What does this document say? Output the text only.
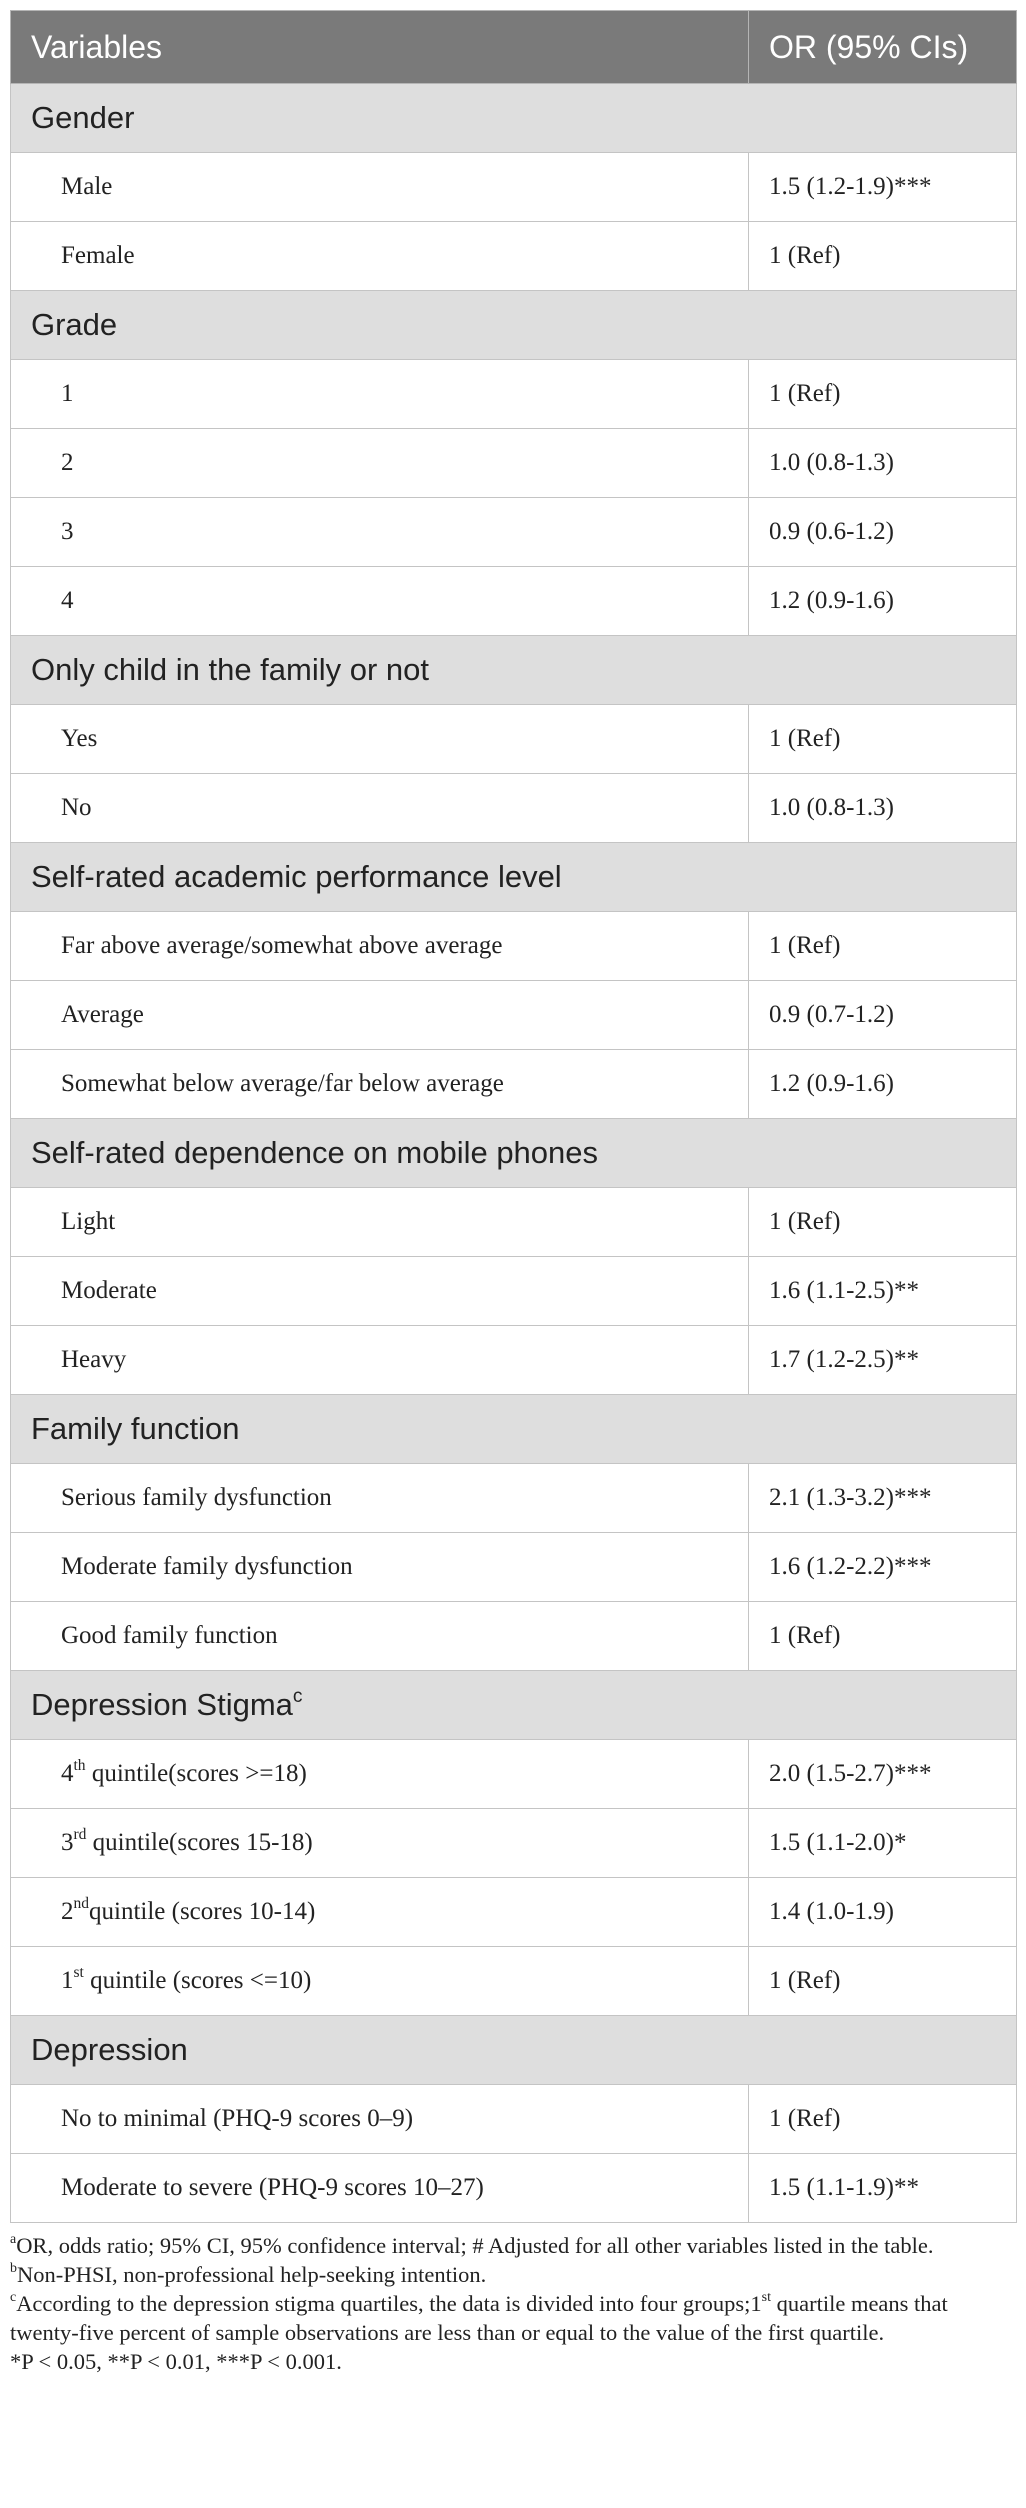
Variables	OR (95% CIs)
Gender	
Male	1.5 (1.2-1.9)***
Female	1 (Ref)
Grade	
1	1 (Ref)
2	1.0 (0.8-1.3)
3	0.9 (0.6-1.2)
4	1.2 (0.9-1.6)
Only child in the family or not	
Yes	1 (Ref)
No	1.0 (0.8-1.3)
Self-rated academic performance level	
Far above average/somewhat above average	1 (Ref)
Average	0.9 (0.7-1.2)
Somewhat below average/far below average	1.2 (0.9-1.6)
Self-rated dependence on mobile phones	
Light	1 (Ref)
Moderate	1.6 (1.1-2.5)**
Heavy	1.7 (1.2-2.5)**
Family function	
Serious family dysfunction	2.1 (1.3-3.2)***
Moderate family dysfunction	1.6 (1.2-2.2)***
Good family function	1 (Ref)
Depression Stigma$^c$
4th quintile(scores >=18)	2.0 (1.5-2.7)***
3rd quintile(scores 15-18)	1.5 (1.1-2.0)*
2ndquintile (scores 10-14)	1.4 (1.0-1.9)
1st quintile (scores <=10)	1 (Ref)
Depression	
No to minimal (PHQ-9 scores 0–9)	1 (Ref)
Moderate to severe (PHQ-9 scores 10–27)	1.5 (1.1-1.9)**

$^a$OR, odds ratio; 95% CI, 95% confidence interval; # Adjusted for all other variables listed in the table.

$^b$Non-PHSI, non-professional help-seeking intention.

$^c$According to the depression stigma quartiles, the data is divided into four groups;1st quartile means that twenty-five percent of sample observations are less than or equal to the value of the first quartile.

*P < 0.05, **P < 0.01, ***P < 0.001.
